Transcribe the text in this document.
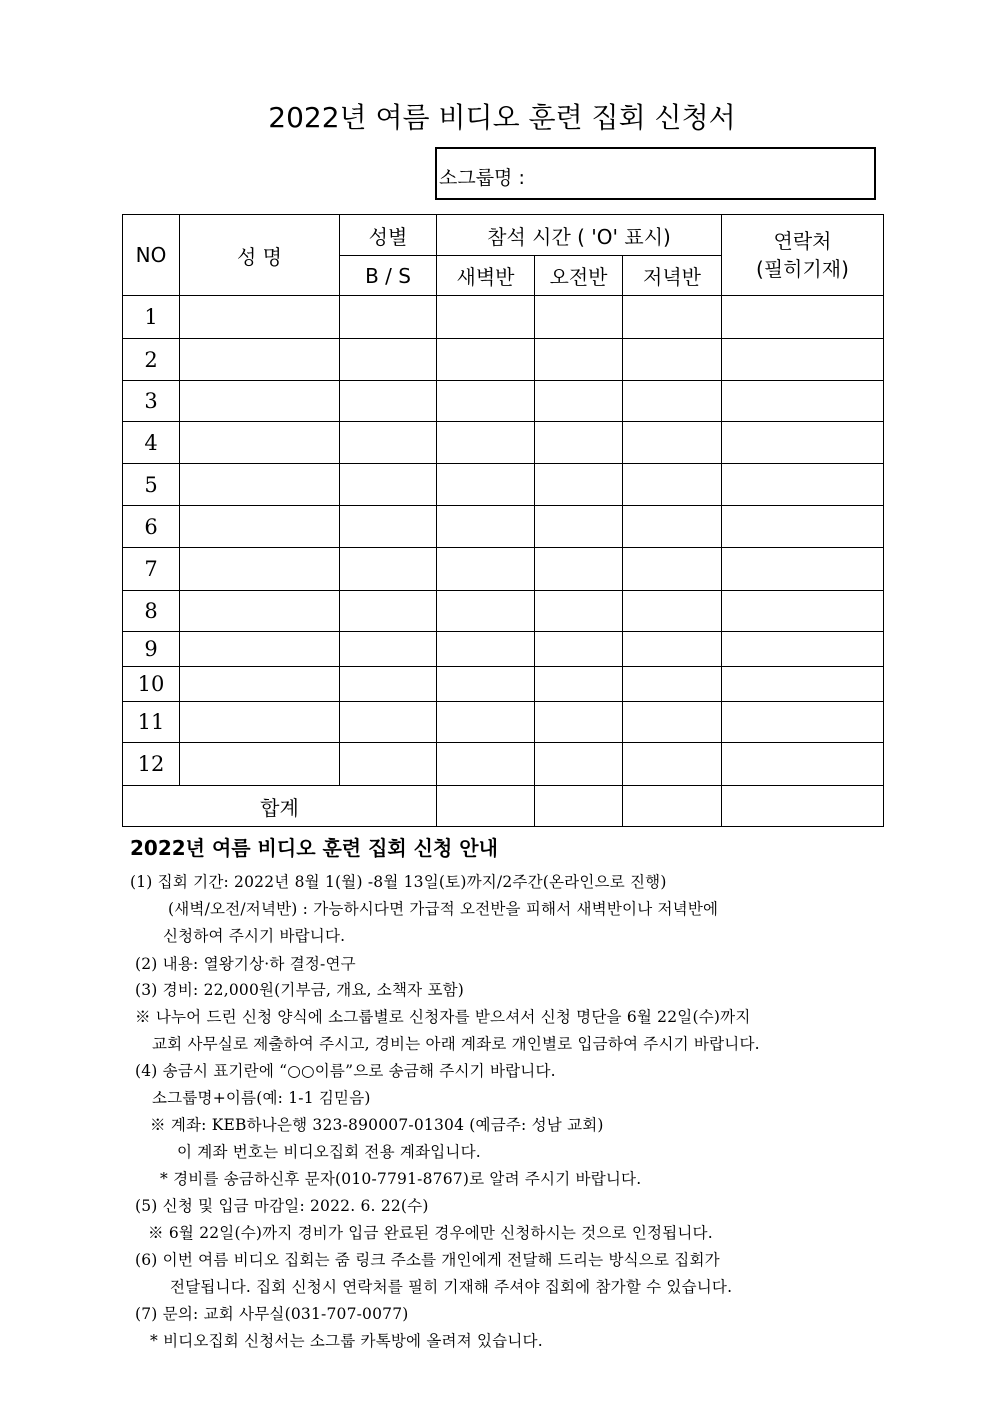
2022년 여름 비디오 훈련 집회 신청서
소그룹명 :
NO	성 명	성별	참석 시간 ( 'O' 표시)			연락처
(필히기재)
		B / S	새벽반	오전반	저녁반	
1						
2						
3						
4						
5						
6						
7						
8						
9						
10						
11						
12						
합계						
2022년 여름 비디오 훈련 집회 신청 안내
(1) 집회 기간: 2022년 8월 1(월) -8월 13일(토)까지/2주간(온라인으로 진행)
(새벽/오전/저녁반) : 가능하시다면 가급적 오전반을 피해서 새벽반이나 저녁반에
신청하여 주시기 바랍니다.
(2) 내용: 열왕기상·하 결정-연구
(3) 경비: 22,000원(기부금, 개요, 소책자 포함)
※ 나누어 드린 신청 양식에 소그룹별로 신청자를 받으셔서 신청 명단을 6월 22일(수)까지
교회 사무실로 제출하여 주시고, 경비는 아래 계좌로 개인별로 입금하여 주시기 바랍니다.
(4) 송금시 표기란에 “○○이름”으로 송금해 주시기 바랍니다.
소그룹명+이름(예: 1-1 김믿음)
※ 계좌: KEB하나은행 323-890007-01304 (예금주: 성남 교회)
이 계좌 번호는 비디오집회 전용 계좌입니다.
* 경비를 송금하신후 문자(010-7791-8767)로 알려 주시기 바랍니다.
(5) 신청 및 입금 마감일: 2022. 6. 22(수)
※ 6월 22일(수)까지 경비가 입금 완료된 경우에만 신청하시는 것으로 인정됩니다.
(6) 이번 여름 비디오 집회는 줌 링크 주소를 개인에게 전달해 드리는 방식으로 집회가
전달됩니다. 집회 신청시 연락처를 필히 기재해 주셔야 집회에 참가할 수 있습니다.
(7) 문의: 교회 사무실(031-707-0077)
* 비디오집회 신청서는 소그룹 카톡방에 올려져 있습니다.
